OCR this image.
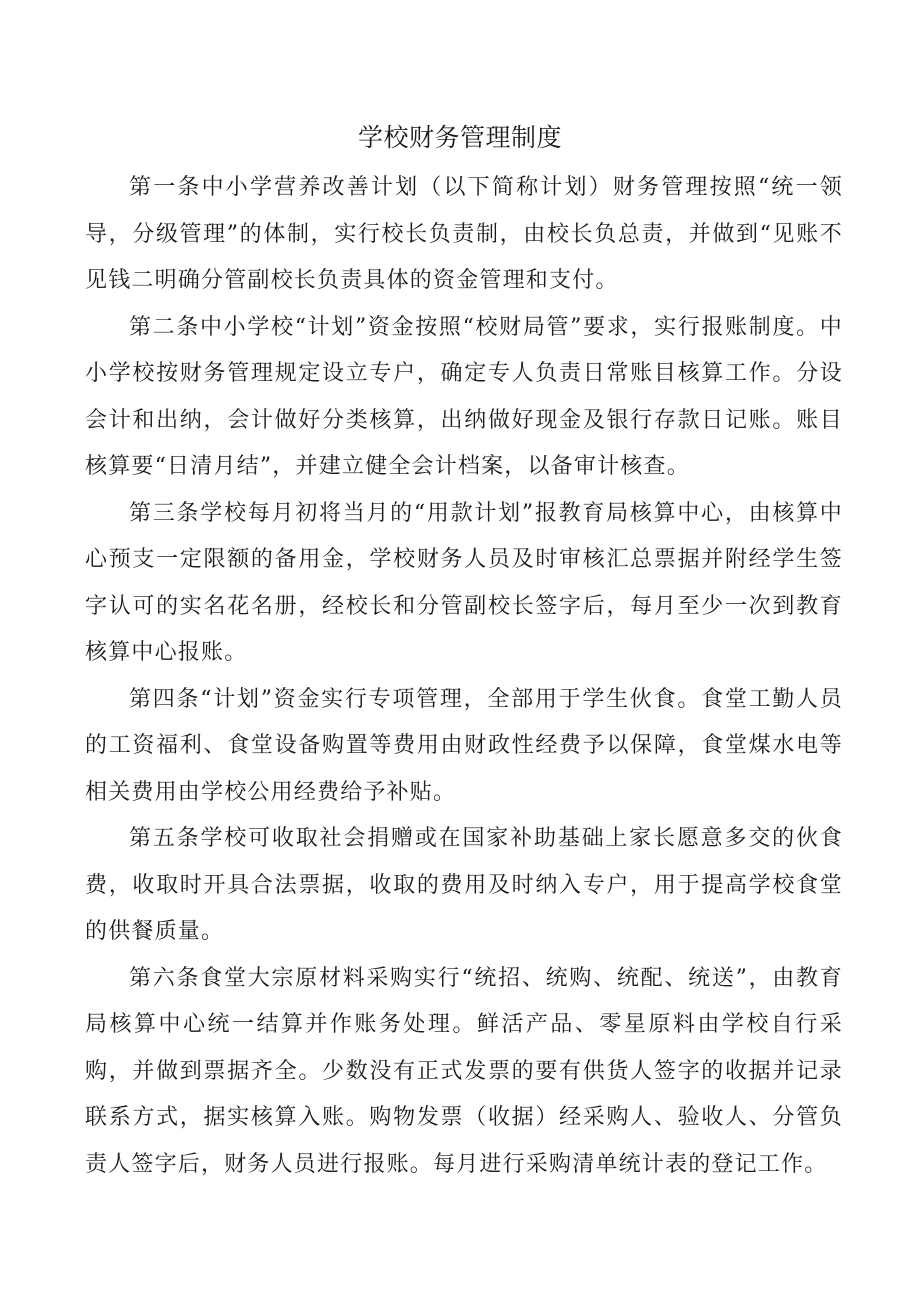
学校财务管理制度

第一条中小学营养改善计划（以下简称计划）财务管理按照“统一领导，分级管理”的体制，实行校长负责制，由校长负总责，并做到“见账不见钱二明确分管副校长负责具体的资金管理和支付。

第二条中小学校“计划”资金按照“校财局管”要求，实行报账制度。中小学校按财务管理规定设立专户，确定专人负责日常账目核算工作。分设会计和出纳，会计做好分类核算，出纳做好现金及银行存款日记账。账目核算要“日清月结”，并建立健全会计档案，以备审计核查。

第三条学校每月初将当月的“用款计划”报教育局核算中心，由核算中心预支一定限额的备用金，学校财务人员及时审核汇总票据并附经学生签字认可的实名花名册，经校长和分管副校长签字后，每月至少一次到教育核算中心报账。

第四条“计划”资金实行专项管理，全部用于学生伙食。食堂工勤人员的工资福利、食堂设备购置等费用由财政性经费予以保障，食堂煤水电等相关费用由学校公用经费给予补贴。

第五条学校可收取社会捐赠或在国家补助基础上家长愿意多交的伙食费，收取时开具合法票据，收取的费用及时纳入专户，用于提高学校食堂的供餐质量。

第六条食堂大宗原材料采购实行“统招、统购、统配、统送”，由教育局核算中心统一结算并作账务处理。鲜活产品、零星原料由学校自行采购，并做到票据齐全。少数没有正式发票的要有供货人签字的收据并记录联系方式，据实核算入账。购物发票（收据）经采购人、验收人、分管负责人签字后，财务人员进行报账。每月进行采购清单统计表的登记工作。
